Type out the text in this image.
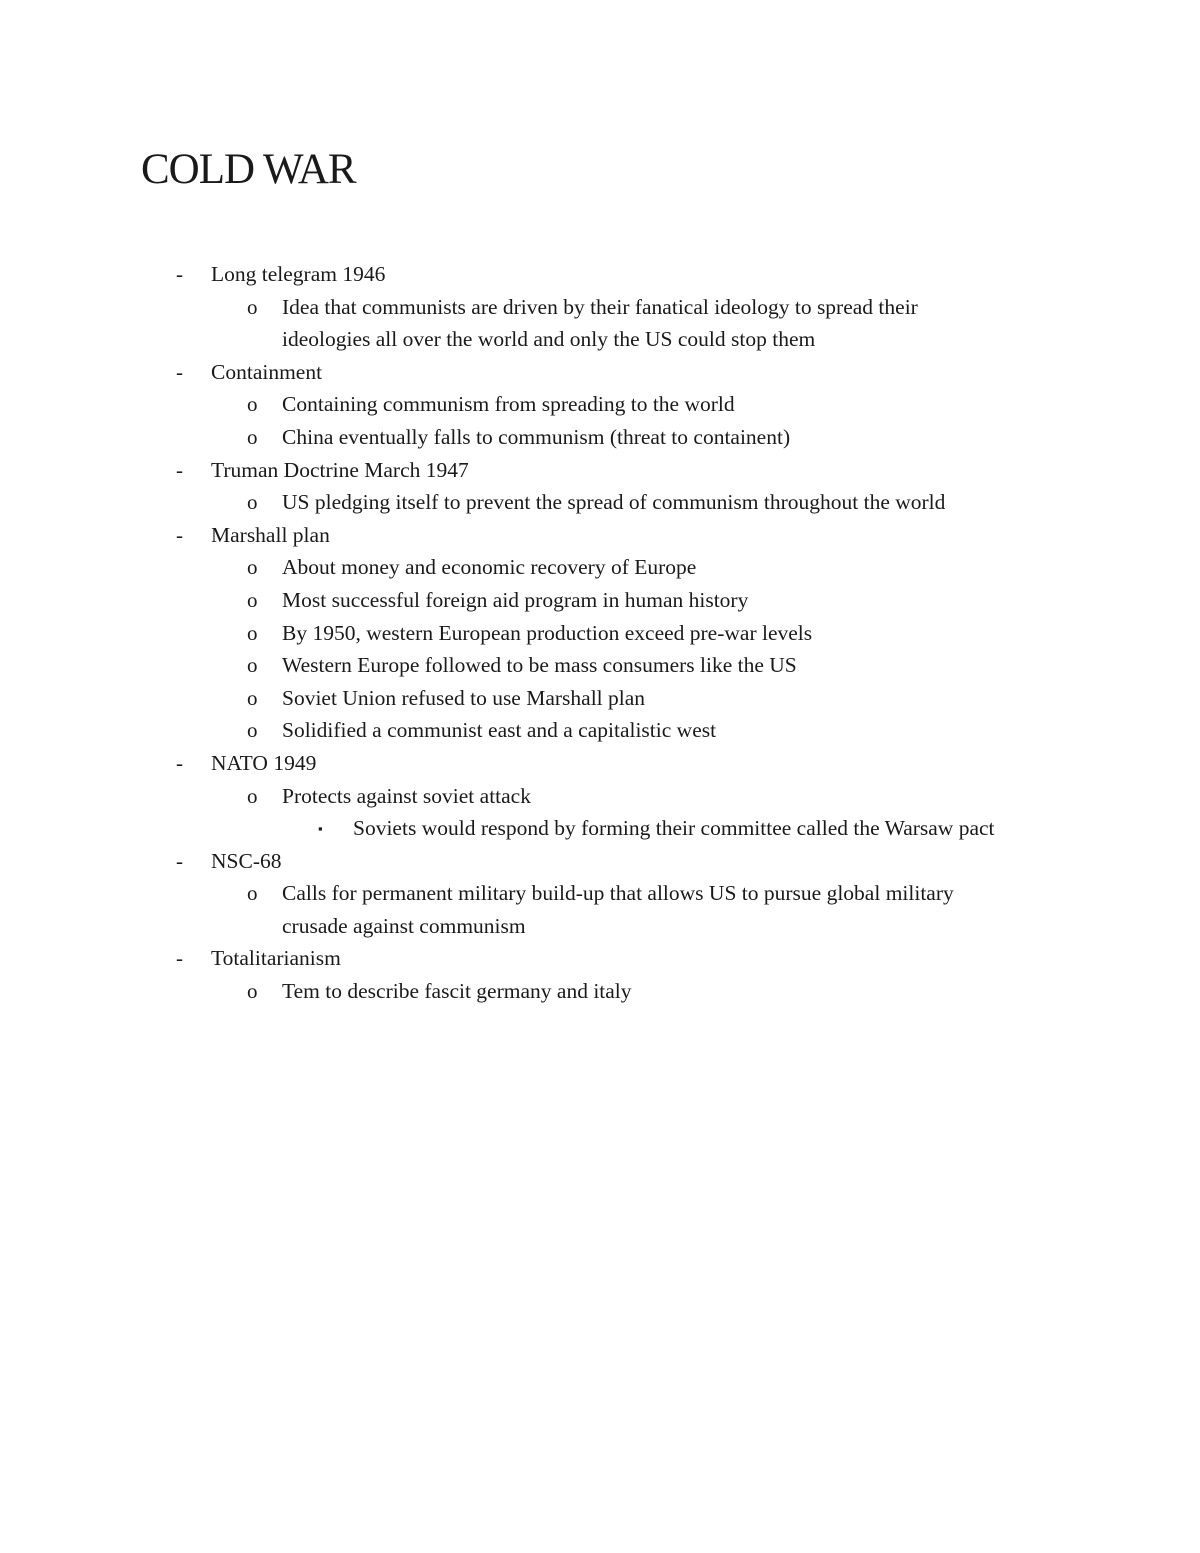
COLD WAR
- Long telegram 1946
o Idea that communists are driven by their fanatical ideology to spread their ideologies all over the world and only the US could stop them
- Containment
o Containing communism from spreading to the world
o China eventually falls to communism (threat to containent)
- Truman Doctrine March 1947
o US pledging itself to prevent the spread of communism throughout the world
- Marshall plan
o About money and economic recovery of Europe
o Most successful foreign aid program in human history
o By 1950, western European production exceed pre-war levels
o Western Europe followed to be mass consumers like the US
o Soviet Union refused to use Marshall plan
o Solidified a communist east and a capitalistic west
- NATO 1949
o Protects against soviet attack
▪ Soviets would respond by forming their committee called the Warsaw pact
- NSC-68
o Calls for permanent military build-up that allows US to pursue global military crusade against communism
- Totalitarianism
o Tem to describe fascit germany and italy
